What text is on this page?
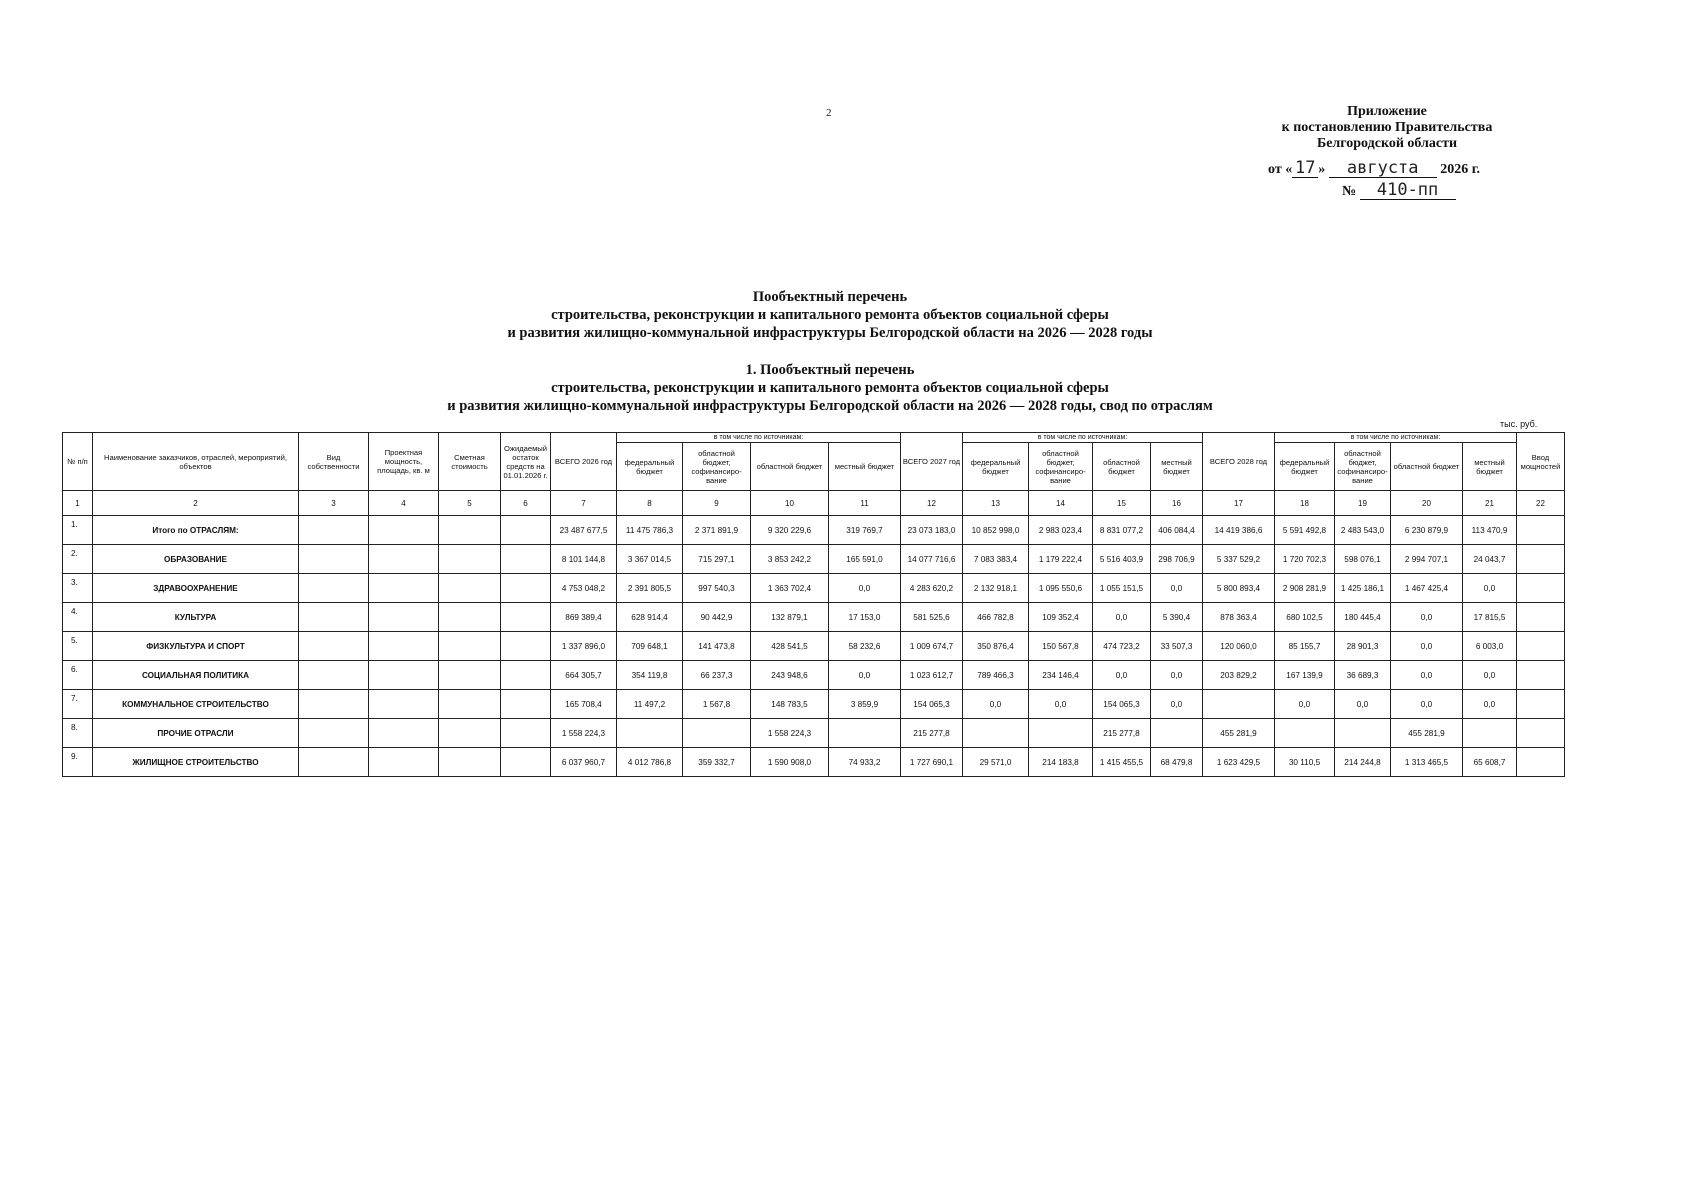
2	Приложение
к постановлению Правительства
Белгородской области
от « 17 » августа 2026 г.
№ 410-пп
Пообъектный перечень
строительства, реконструкции и капитального ремонта объектов социальной сферы
и развития жилищно-коммунальной инфраструктуры Белгородской области на 2026 — 2028 годы
1. Пообъектный перечень
строительства, реконструкции и капитального ремонта объектов социальной сферы
и развития жилищно-коммунальной инфраструктуры Белгородской области на 2026 — 2028 годы, свод по отраслям
тыс. руб.
№ п/п	Наименование заказчиков, отраслей, мероприятий, объектов	Вид собственности	Проектная мощность, площадь, кв. м	Сметная стоимость	Ожидаемый остаток средств на 01.01.2026 г.	ВСЕГО 2026 год	в том числе по источникам:				ВСЕГО 2027 год	в том числе по источникам:				ВСЕГО 2028 год	в том числе по источникам:				Ввод мощностей
							федеральный бюджет	областной бюджет, софинансиро-вание	областной бюджет	местный бюджет		федеральный бюджет	областной бюджет, софинансиро-вание	областной бюджет	местный бюджет		федеральный бюджет	областной бюджет, софинансиро-вание	областной бюджет	местный бюджет	
1	2	3	4	5	6	7	8	9	10	11	12	13	14	15	16	17	18	19	20	21	22
1.	Итого по ОТРАСЛЯМ:					23 487 677,5	11 475 786,3	2 371 891,9	9 320 229,6	319 769,7	23 073 183,0	10 852 998,0	2 983 023,4	8 831 077,2	406 084,4	14 419 386,6	5 591 492,8	2 483 543,0	6 230 879,9	113 470,9	
2.	ОБРАЗОВАНИЕ					8 101 144,8	3 367 014,5	715 297,1	3 853 242,2	165 591,0	14 077 716,6	7 083 383,4	1 179 222,4	5 516 403,9	298 706,9	5 337 529,2	1 720 702,3	598 076,1	2 994 707,1	24 043,7	
3.	ЗДРАВООХРАНЕНИЕ					4 753 048,2	2 391 805,5	997 540,3	1 363 702,4	0,0	4 283 620,2	2 132 918,1	1 095 550,6	1 055 151,5	0,0	5 800 893,4	2 908 281,9	1 425 186,1	1 467 425,4	0,0	
4.	КУЛЬТУРА					869 389,4	628 914,4	90 442,9	132 879,1	17 153,0	581 525,6	466 782,8	109 352,4	0,0	5 390,4	878 363,4	680 102,5	180 445,4	0,0	17 815,5	
5.	ФИЗКУЛЬТУРА И СПОРТ					1 337 896,0	709 648,1	141 473,8	428 541,5	58 232,6	1 009 674,7	350 876,4	150 567,8	474 723,2	33 507,3	120 060,0	85 155,7	28 901,3	0,0	6 003,0	
6.	СОЦИАЛЬНАЯ ПОЛИТИКА					664 305,7	354 119,8	66 237,3	243 948,6	0,0	1 023 612,7	789 466,3	234 146,4	0,0	0,0	203 829,2	167 139,9	36 689,3	0,0	0,0	
7.	КОММУНАЛЬНОЕ СТРОИТЕЛЬСТВО					165 708,4	11 497,2	1 567,8	148 783,5	3 859,9	154 065,3	0,0	0,0	154 065,3	0,0		0,0	0,0	0,0	0,0	
8.	ПРОЧИЕ ОТРАСЛИ					1 558 224,3			1 558 224,3		215 277,8			215 277,8		455 281,9			455 281,9		
9.	ЖИЛИЩНОЕ СТРОИТЕЛЬСТВО					6 037 960,7	4 012 786,8	359 332,7	1 590 908,0	74 933,2	1 727 690,1	29 571,0	214 183,8	1 415 455,5	68 479,8	1 623 429,5	30 110,5	214 244,8	1 313 465,5	65 608,7	
